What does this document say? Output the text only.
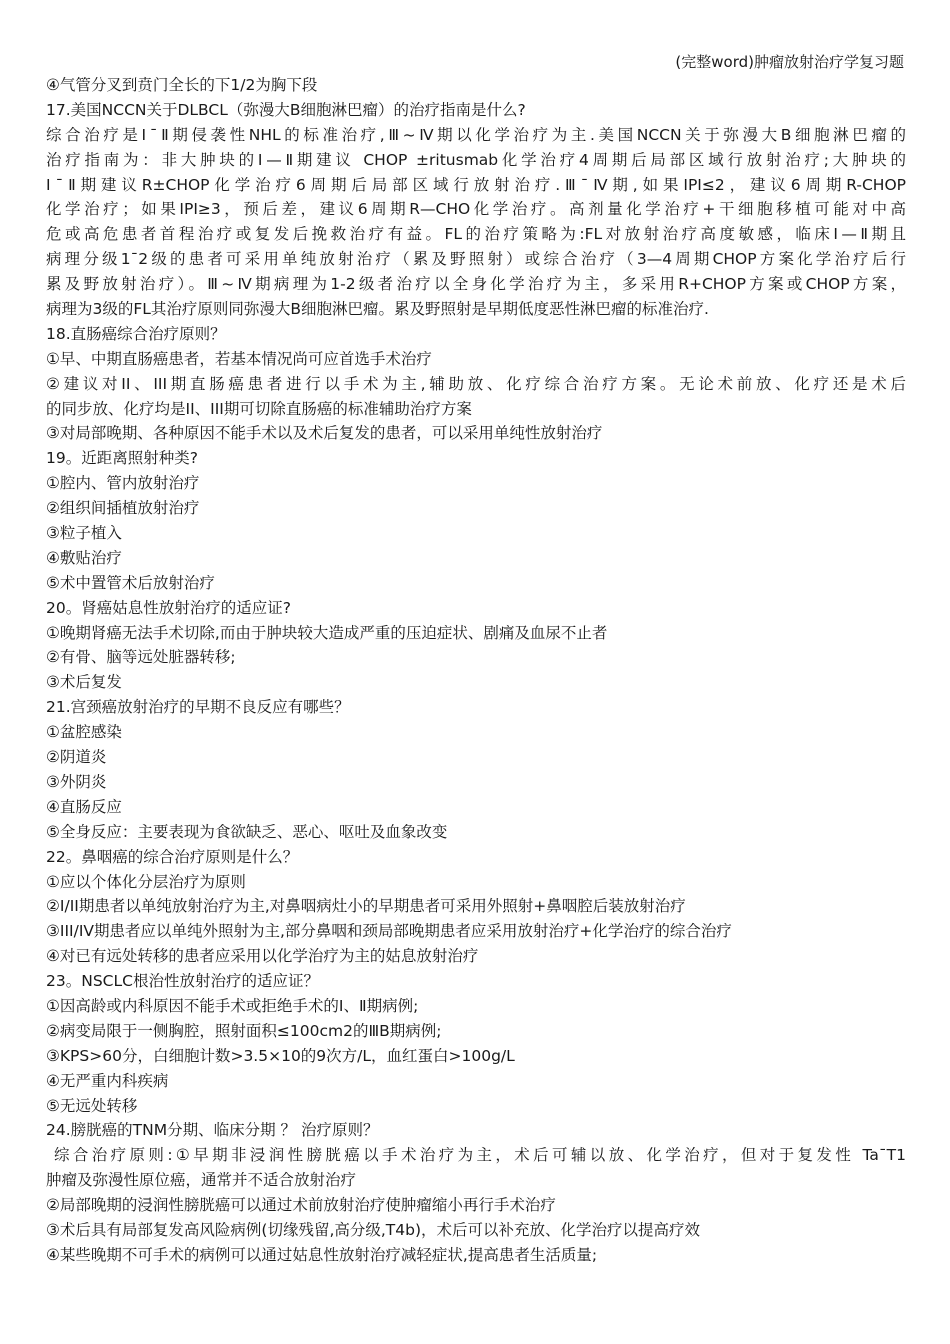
(完整word)肿瘤放射治疗学复习题
④气管分叉到贲门全长的下1/2为胸下段
17.美国NCCN关于DLBCL（弥漫大B细胞淋巴瘤）的治疗指南是什么?
综合治疗是Ⅰ¯Ⅱ期侵袭性NHL的标准治疗,Ⅲ~Ⅳ期以化学治疗为主.美国NCCN关于弥漫大B细胞淋巴瘤的
治疗指南为：非大肿块的Ⅰ—Ⅱ期建议 CHOP ±ritusmab化学治疗4周期后局部区域行放射治疗;大肿块的
Ⅰ¯Ⅱ期建议R±CHOP化学治疗6周期后局部区域行放射治疗.Ⅲ¯Ⅳ期,如果IPI≤2，建议6周期R-CHOP
化学治疗；如果IPI≥3，预后差，建议6周期R—CHO化学治疗。高剂量化学治疗+干细胞移植可能对中高
危或高危患者首程治疗或复发后挽救治疗有益。FL的治疗策略为:FL对放射治疗高度敏感，临床Ⅰ—Ⅱ期且
病理分级1¯2级的患者可采用单纯放射治疗（累及野照射）或综合治疗（3—4周期CHOP方案化学治疗后行
累及野放射治疗）。Ⅲ~Ⅳ期病理为1-2级者治疗以全身化学治疗为主，多采用R+CHOP方案或CHOP方案，
病理为3级的FL其治疗原则同弥漫大B细胞淋巴瘤。累及野照射是早期低度恶性淋巴瘤的标准治疗.
18.直肠癌综合治疗原则？
①早、中期直肠癌患者，若基本情况尚可应首选手术治疗
②建议对II、III期直肠癌患者进行以手术为主,辅助放、化疗综合治疗方案。无论术前放、化疗还是术后
的同步放、化疗均是II、III期可切除直肠癌的标准辅助治疗方案
③对局部晚期、各种原因不能手术以及术后复发的患者，可以采用单纯性放射治疗
19。近距离照射种类?
①腔内、管内放射治疗
②组织间插植放射治疗
③粒子植入
④敷贴治疗
⑤术中置管术后放射治疗
20。肾癌姑息性放射治疗的适应证?
①晚期肾癌无法手术切除,而由于肿块较大造成严重的压迫症状、剧痛及血尿不止者
②有骨、脑等远处脏器转移;
③术后复发
21.宫颈癌放射治疗的早期不良反应有哪些？
①盆腔感染
②阴道炎
③外阴炎
④直肠反应
⑤全身反应：主要表现为食欲缺乏、恶心、呕吐及血象改变
22。鼻咽癌的综合治疗原则是什么？
①应以个体化分层治疗为原则
②I/II期患者以单纯放射治疗为主,对鼻咽病灶小的早期患者可采用外照射+鼻咽腔后装放射治疗
③III/IV期患者应以单纯外照射为主,部分鼻咽和颈局部晚期患者应采用放射治疗+化学治疗的综合治疗
④对已有远处转移的患者应采用以化学治疗为主的姑息放射治疗
23。NSCLC根治性放射治疗的适应证？
①因高龄或内科原因不能手术或拒绝手术的Ⅰ、Ⅱ期病例;
②病变局限于一侧胸腔，照射面积≤100cm2的ⅢB期病例;
③KPS>60分，白细胞计数>3.5×10的9次方/L，血红蛋白>100g/L
④无严重内科疾病
⑤无远处转移
24.膀胱癌的TNM分期、临床分期 ？ 治疗原则？
综合治疗原则:①早期非浸润性膀胱癌以手术治疗为主，术后可辅以放、化学治疗，但对于复发性 Ta¯T1
肿瘤及弥漫性原位癌，通常并不适合放射治疗
②局部晚期的浸润性膀胱癌可以通过术前放射治疗使肿瘤缩小再行手术治疗
③术后具有局部复发高风险病例(切缘残留,高分级,T4b)，术后可以补充放、化学治疗以提高疗效
④某些晚期不可手术的病例可以通过姑息性放射治疗减轻症状,提高患者生活质量;
